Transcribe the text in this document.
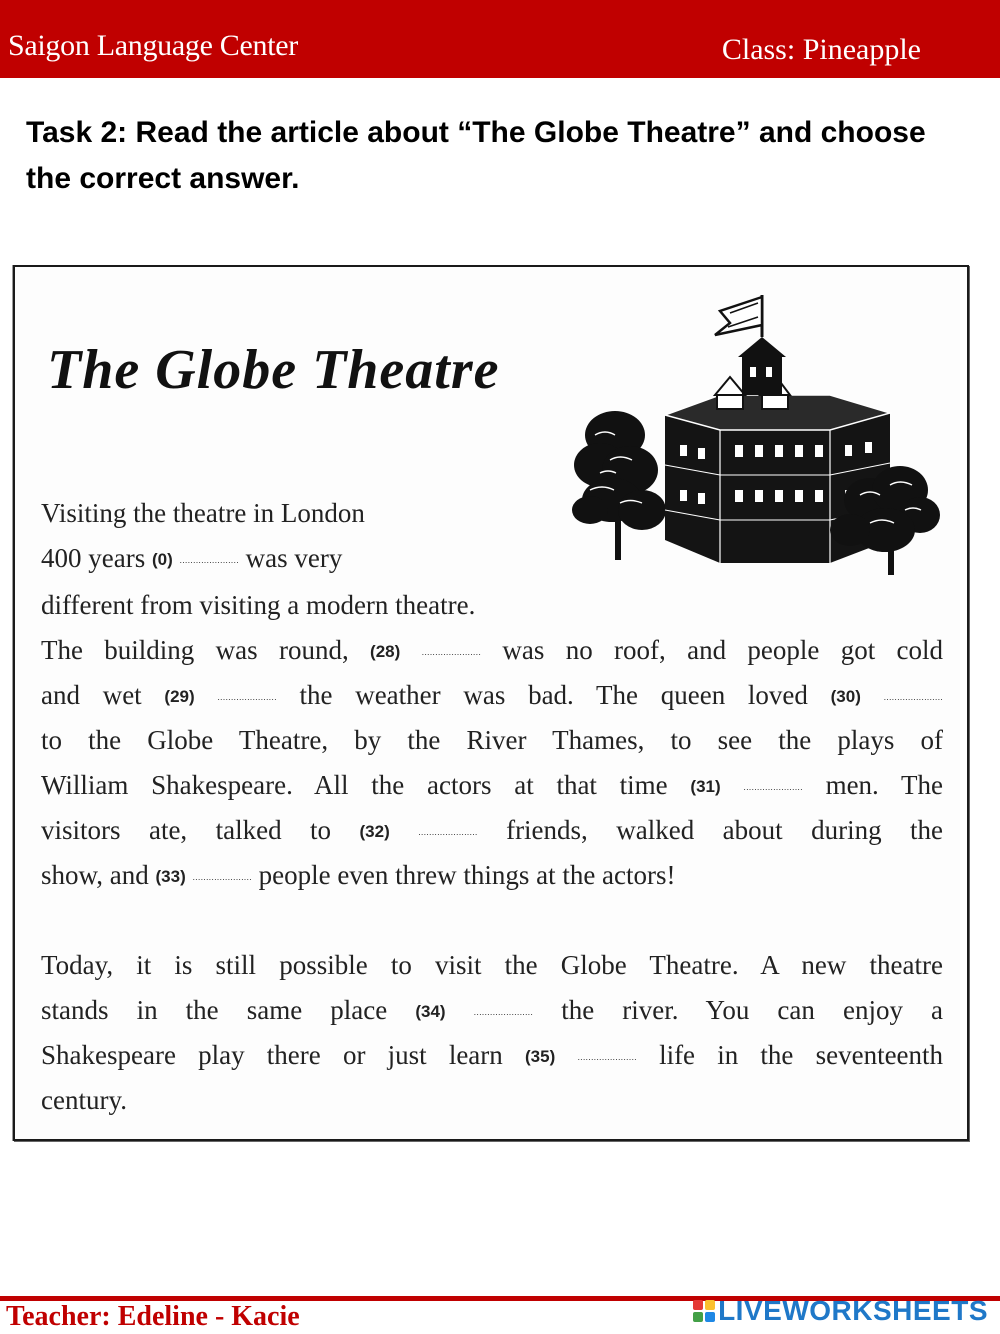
Saigon Language Center	Class: Pineapple
Task 2: Read the article about “The Globe Theatre” and choose the correct answer.
The Globe Theatre
Visiting the theatre in London
400 years (0) ...................... was very
different from visiting a modern theatre.
The building was round, (28) ...................... was no roof, and people got cold
and wet (29)	...................... the weather was bad. The queen loved (30)	......................
to the Globe Theatre, by the River Thames, to see the plays of
William Shakespeare. All the actors at that time (31)	...................... men. The
visitors ate, talked to (32)	...................... friends, walked about during the
show, and (33) ...................... people even threw things at the actors!
Today, it is still possible to visit the Globe Theatre. A new theatre
stands in the same place (34)	...................... the river. You can enjoy a
Shakespeare play there or just learn (35) ...................... life in the seventeenth
century.
Teacher: Edeline - Kacie	LIVEWORKSHEETS
